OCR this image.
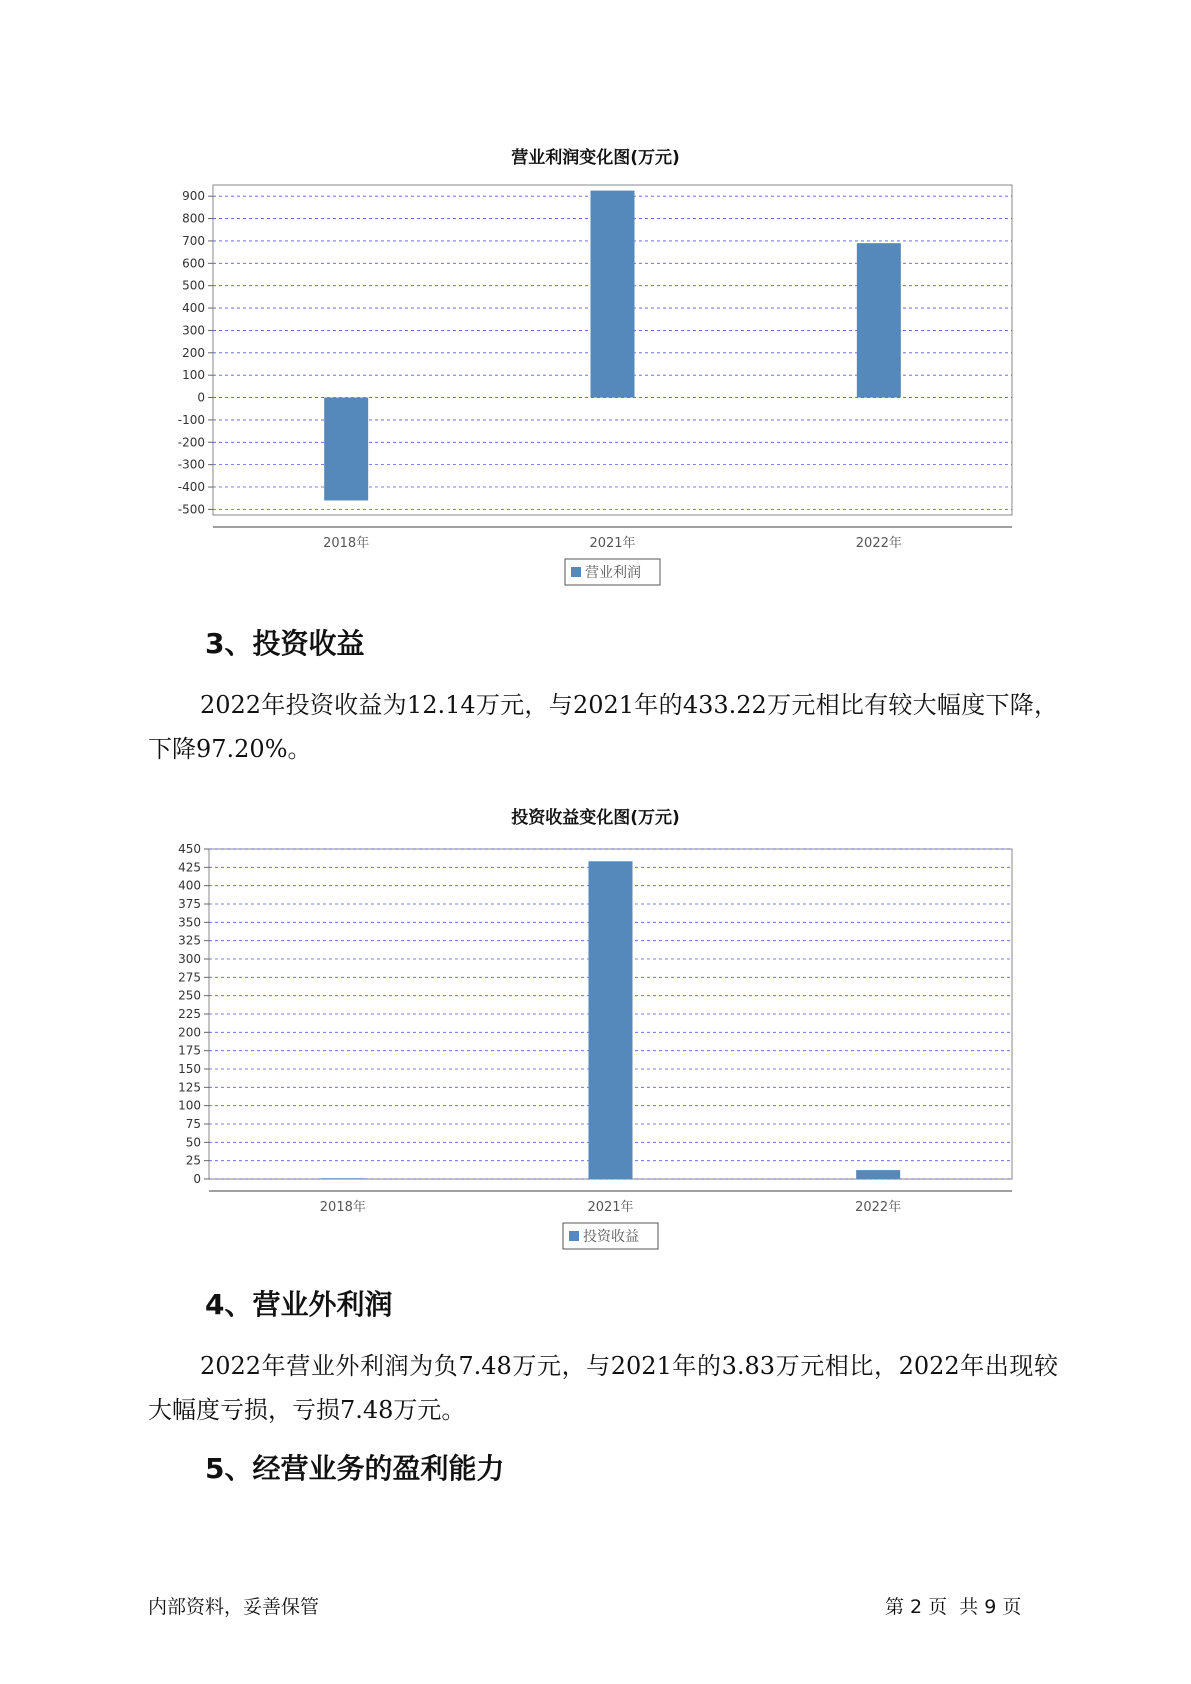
营业利润变化图(万元)
900
800
700
600
500
400
300
200
100
0
-100
-200
-300
-400
-500
2018年	2021年	2022年
营业利润
3、投资收益
2022年投资收益为12.14万元，与2021年的433.22万元相比有较大幅度下降，下降97.20%。
投资收益变化图(万元)
450
425
400
375
350
325
300
275
250
225
200
175
150
125
100
75
50
25
0
2018年	2021年	2022年
投资收益
4、营业外利润
2022年营业外利润为负7.48万元，与2021年的3.83万元相比，2022年出现较大幅度亏损，亏损7.48万元。
5、经营业务的盈利能力
内部资料，妥善保管	第 2 页  共 9 页
